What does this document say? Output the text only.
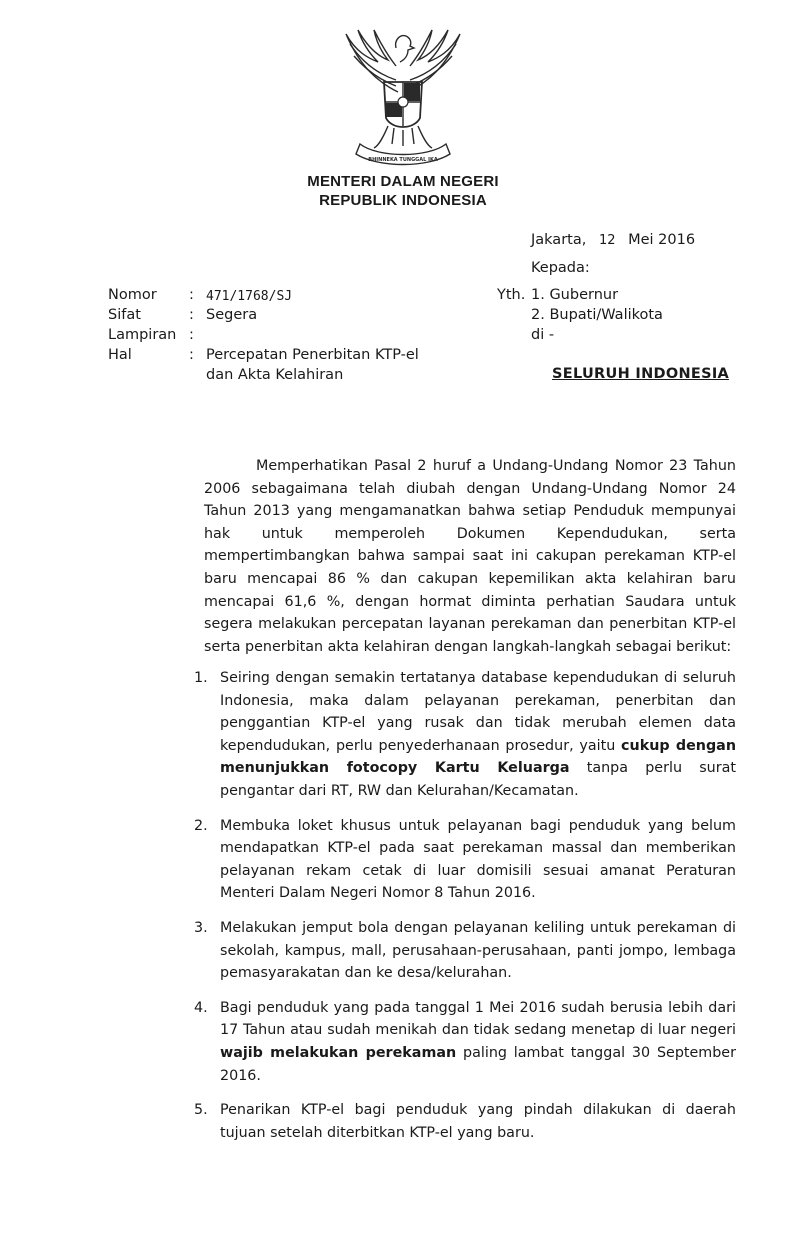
BHINNEKA TUNGGAL IKA
MENTERI DALAM NEGERI
REPUBLIK INDONESIA
Jakarta, 12 Mei 2016
Kepada:
Nomor : 471/1768/SJ
Sifat	: Segera
Lampiran :
Hal	: Percepatan Penerbitan KTP-el
dan Akta Kelahiran
Yth. 1. Gubernur
2. Bupati/Walikota
di -
SELURUH INDONESIA
Memperhatikan Pasal 2 huruf a Undang-Undang Nomor 23 Tahun 2006 sebagaimana telah diubah dengan Undang-Undang Nomor 24 Tahun 2013 yang mengamanatkan bahwa setiap Penduduk mempunyai hak untuk memperoleh Dokumen Kependudukan, serta mempertimbangkan bahwa sampai saat ini cakupan perekaman KTP-el baru mencapai 86 % dan cakupan kepemilikan akta kelahiran baru mencapai 61,6 %, dengan hormat diminta perhatian Saudara untuk segera melakukan percepatan layanan perekaman dan penerbitan KTP-el serta penerbitan akta kelahiran dengan langkah-langkah sebagai berikut:
1. Seiring dengan semakin tertatanya database kependudukan di seluruh Indonesia, maka dalam pelayanan perekaman, penerbitan dan penggantian KTP-el yang rusak dan tidak merubah elemen data kependudukan, perlu penyederhanaan prosedur, yaitu cukup dengan menunjukkan fotocopy Kartu Keluarga tanpa perlu surat pengantar dari RT, RW dan Kelurahan/Kecamatan.
2. Membuka loket khusus untuk pelayanan bagi penduduk yang belum mendapatkan KTP-el pada saat perekaman massal dan memberikan pelayanan rekam cetak di luar domisili sesuai amanat Peraturan Menteri Dalam Negeri Nomor 8 Tahun 2016.
3. Melakukan jemput bola dengan pelayanan keliling untuk perekaman di sekolah, kampus, mall, perusahaan-perusahaan, panti jompo, lembaga pemasyarakatan dan ke desa/kelurahan.
4. Bagi penduduk yang pada tanggal 1 Mei 2016 sudah berusia lebih dari 17 Tahun atau sudah menikah dan tidak sedang menetap di luar negeri wajib melakukan perekaman paling lambat tanggal 30 September 2016.
5. Penarikan KTP-el bagi penduduk yang pindah dilakukan di daerah tujuan setelah diterbitkan KTP-el yang baru.
